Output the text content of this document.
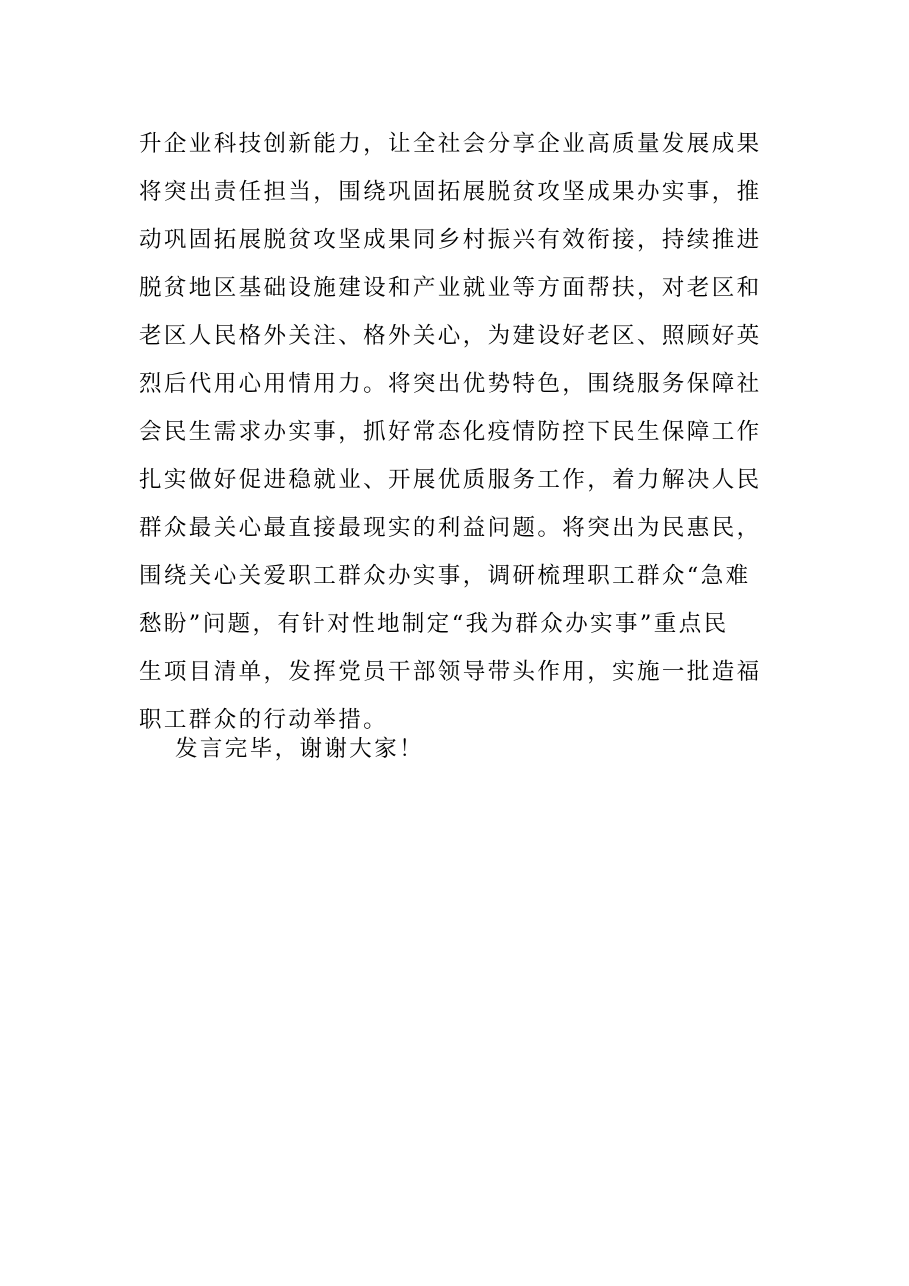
升企业科技创新能力，让全社会分享企业高质量发展成果
将突出责任担当，围绕巩固拓展脱贫攻坚成果办实事，推
动巩固拓展脱贫攻坚成果同乡村振兴有效衔接，持续推进
脱贫地区基础设施建设和产业就业等方面帮扶，对老区和
老区人民格外关注、格外关心，为建设好老区、照顾好英
烈后代用心用情用力。将突出优势特色，围绕服务保障社
会民生需求办实事，抓好常态化疫情防控下民生保障工作
扎实做好促进稳就业、开展优质服务工作，着力解决人民
群众最关心最直接最现实的利益问题。将突出为民惠民，
围绕关心关爱职工群众办实事，调研梳理职工群众“急难
愁盼”问题，有针对性地制定“我为群众办实事”重点民
生项目清单，发挥党员干部领导带头作用，实施一批造福
职工群众的行动举措。
发言完毕，谢谢大家！
